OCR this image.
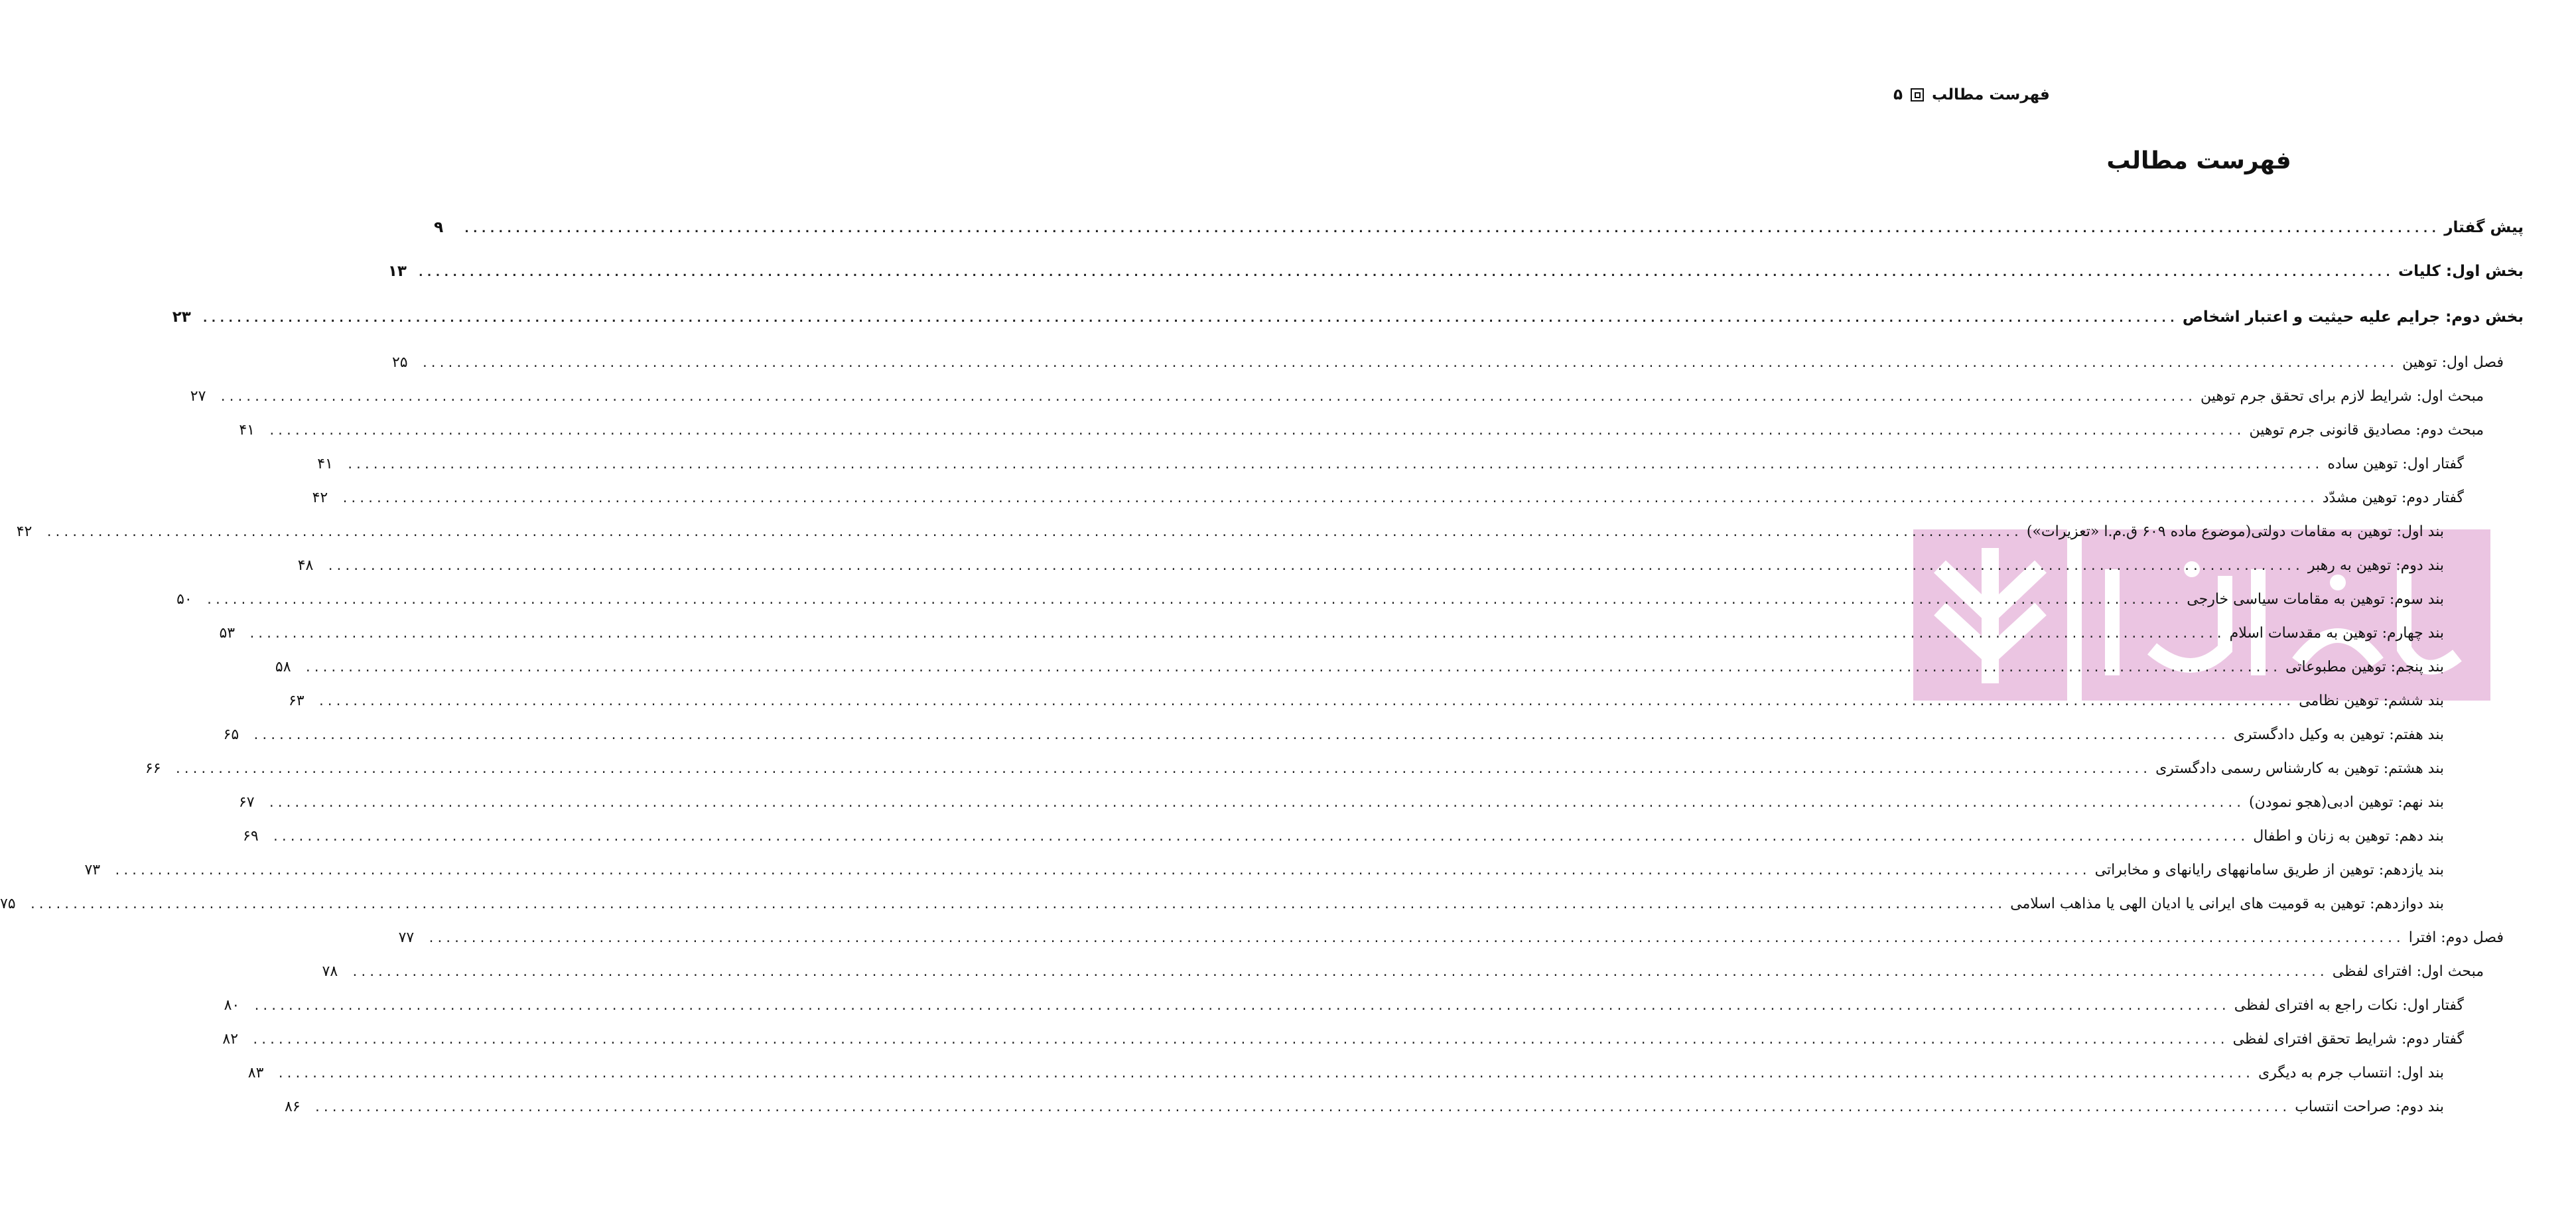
فهرست مطالب
۵
فهرست مطالب
پیش گفتار
........................................................................................................................................................................................................................................
۹
بخش اول: کلیات
........................................................................................................................................................................................................................................
۱۳
بخش دوم: جرایم علیه حیثیت و اعتبار اشخاص
........................................................................................................................................................................................................................................
۲۳
فصل اول: توهین
........................................................................................................................................................................................................................................
۲۵
مبحث اول: شرایط لازم برای تحقق جرم توهین
........................................................................................................................................................................................................................................
۲۷
مبحث دوم: مصادیق قانونی جرم توهین
........................................................................................................................................................................................................................................
۴۱
گفتار اول: توهین ساده
........................................................................................................................................................................................................................................
۴۱
گفتار دوم: توهین مشدّد
........................................................................................................................................................................................................................................
۴۲
بند اول: توهین به مقامات دولتی(موضوع ماده ۶۰۹ ق.م.ا «تعزیرات»)
........................................................................................................................................................................................................................................
۴۲
بند دوم: توهین به رهبر
........................................................................................................................................................................................................................................
۴۸
بند سوم: توهین به مقامات سیاسی خارجی
........................................................................................................................................................................................................................................
۵۰
بند چهارم: توهین به مقدسات اسلام
........................................................................................................................................................................................................................................
۵۳
بند پنجم: توهین مطبوعاتی
........................................................................................................................................................................................................................................
۵۸
بند ششم: توهین نظامی
........................................................................................................................................................................................................................................
۶۳
بند هفتم: توهین به وکیل دادگستری
........................................................................................................................................................................................................................................
۶۵
بند هشتم: توهین به کارشناس رسمی دادگستری
........................................................................................................................................................................................................................................
۶۶
بند نهم: توهین ادبی(هجو نمودن)
........................................................................................................................................................................................................................................
۶۷
بند دهم: توهین به زنان و اطفال
........................................................................................................................................................................................................................................
۶۹
بند یازدهم: توهین از طریق سامانههای رایانهای و مخابراتی
........................................................................................................................................................................................................................................
۷۳
بند دوازدهم: توهین به قومیت های ایرانی یا ادیان الهی یا مذاهب اسلامی
........................................................................................................................................................................................................................................
۷۵
فصل دوم: افترا
........................................................................................................................................................................................................................................
۷۷
مبحث اول: افترای لفظی
........................................................................................................................................................................................................................................
۷۸
گفتار اول: نکات راجع به افترای لفظی
........................................................................................................................................................................................................................................
۸۰
گفتار دوم: شرایط تحقق افترای لفظی
........................................................................................................................................................................................................................................
۸۲
بند اول: انتساب جرم به دیگری
........................................................................................................................................................................................................................................
۸۳
بند دوم: صراحت انتساب
........................................................................................................................................................................................................................................
۸۶
